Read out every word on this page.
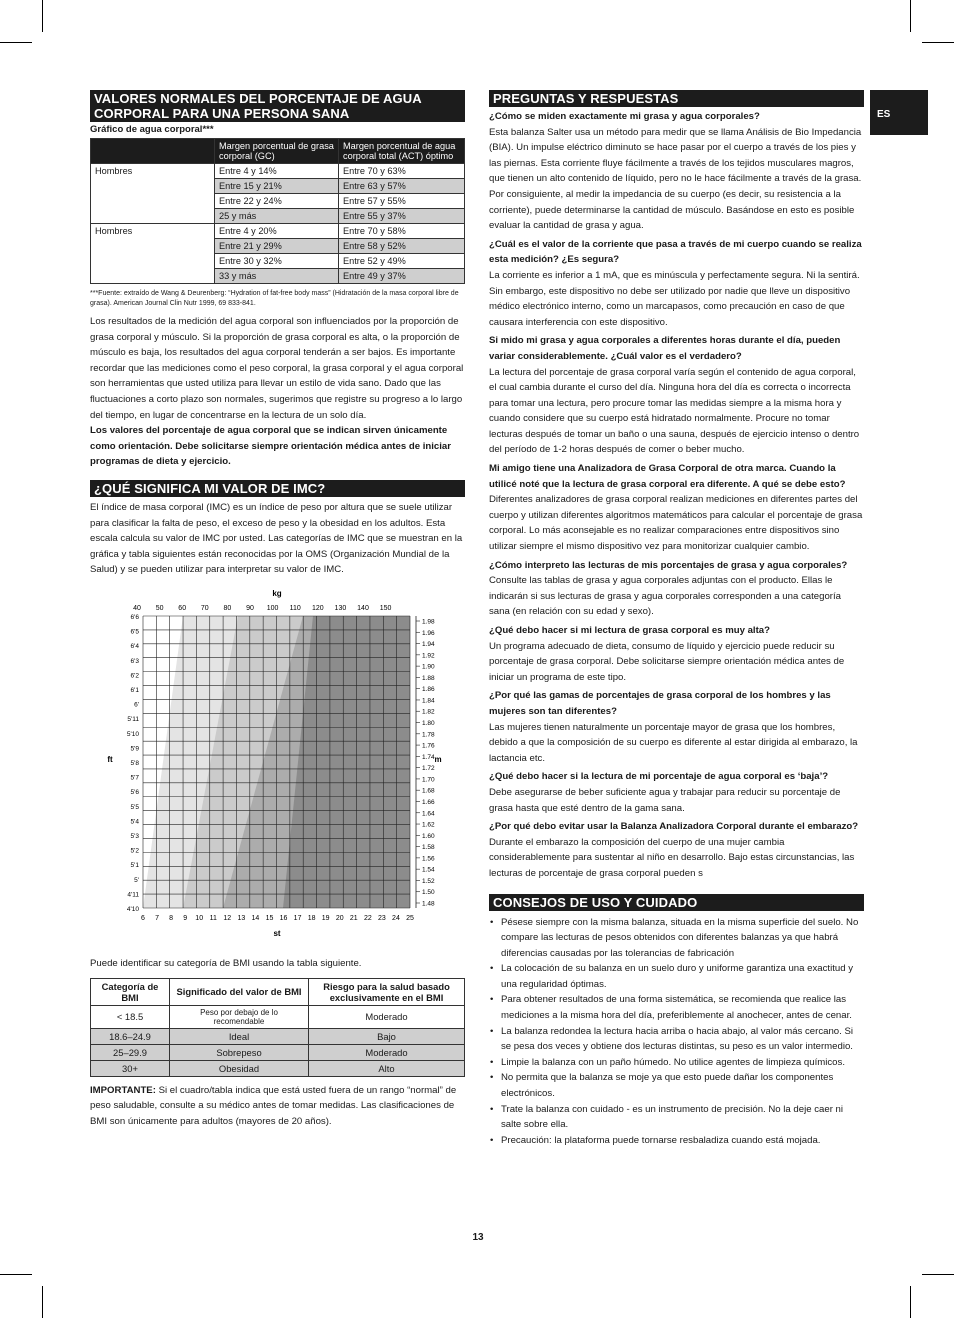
ES
VALORES NORMALES DEL PORCENTAJE DE AGUA CORPORAL PARA UNA PERSONA SANA
Gráfico de agua corporal***
	Margen porcentual de grasa corporal (GC)	Margen porcentual de agua corporal total (ACT) óptimo
Hombres	Entre 4 y 14%	Entre 70 y 63%
	Entre 15 y 21%	Entre 63 y 57%
	Entre 22 y 24%	Entre 57 y 55%
	25 y más	Entre 55 y 37%
Hombres	Entre 4 y 20%	Entre 70 y 58%
	Entre 21 y 29%	Entre 58 y 52%
	Entre 30 y 32%	Entre 52 y 49%
	33 y más	Entre 49 y 37%
***Fuente: extraído de Wang & Deurenberg: “Hydration of fat-free body mass” (Hidratación de la masa corporal libre de grasa). American Journal Clin Nutr 1999, 69 833-841.

Los resultados de la medición del agua corporal son influenciados por la proporción de grasa corporal y músculo. Si la proporción de grasa corporal es alta, o la proporción de músculo es baja, los resultados del agua corporal tenderán a ser bajos. Es importante recordar que las mediciones como el peso corporal, la grasa corporal y el agua corporal son herramientas que usted utiliza para llevar un estilo de vida sano. Dado que las fluctuaciones a corto plazo son normales, sugerimos que registre su progreso a lo largo del tiempo, en lugar de concentrarse en la lectura de un solo día.

Los valores del porcentaje de agua corporal que se indican sirven únicamente como orientación. Debe solicitarse siempre orientación médica antes de iniciar programas de dieta y ejercicio.

¿QUÉ SIGNIFICA MI VALOR DE IMC?

El índice de masa corporal (IMC) es un índice de peso por altura que se suele utilizar para clasificar la falta de peso, el exceso de peso y la obesidad en los adultos. Esta escala calcula su valor de IMC por usted. Las categorías de IMC que se muestran en la gráfica y tabla siguientes están reconocidas por la OMS (Organización Mundial de la Salud) y se pueden utilizar para interpretar su valor de IMC.

40 50 60 70 80 90 100 110 120 130 140 150
kg
6 7 8 9 10 11 12 13 14 15 16 17 18 19 20 21 22 23 24 25
st
6'6
6'5
6'4
6'3
6'2
6'1
6'
5'11
5'10
5'9
5'8
5'7
5'6
5'5
5'4
5'3
5'2
5'1
5'
4'11
4'10
ft
1.98
1.96
1.94
1.92
1.90
1.88
1.86
1.84
1.82
1.80
1.78
1.76
1.74
1.72
1.70
1.68
1.66
1.64
1.62
1.60
1.58
1.56
1.54
1.52
1.50
1.48
m

Puede identificar su categoría de BMI usando la tabla siguiente.

Categoría de BMI	Significado del valor de BMI	Riesgo para la salud basado exclusivamente en el BMI
< 18.5	Peso por debajo de lo recomendable	Moderado
18.6–24.9	Ideal	Bajo
25–29.9	Sobrepeso	Moderado
30+	Obesidad	Alto

IMPORTANTE: Si el cuadro/tabla indica que está usted fuera de un rango “normal” de peso saludable, consulte a su médico antes de tomar medidas. Las clasificaciones de BMI son únicamente para adultos (mayores de 20 años).

PREGUNTAS Y RESPUESTAS
¿Cómo se miden exactamente mi grasa y agua corporales?
Esta balanza Salter usa un método para medir que se llama Análisis de Bio Impedancia (BIA). Un impulse eléctrico diminuto se hace pasar por el cuerpo a través de los pies y las piernas. Esta corriente fluye fácilmente a través de los tejidos musculares magros, que tienen un alto contenido de líquido, pero no le hace fácilmente a través de la grasa. Por consiguiente, al medir la impedancia de su cuerpo (es decir, su resistencia a la corriente), puede determinarse la cantidad de músculo. Basándose en esto es posible evaluar la cantidad de grasa y agua.
¿Cuál es el valor de la corriente que pasa a través de mi cuerpo cuando se realiza esta medición? ¿Es segura?
La corriente es inferior a 1 mA, que es minúscula y perfectamente segura. Ni la sentirá. Sin embargo, este dispositivo no debe ser utilizado por nadie que lleve un dispositivo médico electrónico interno, como un marcapasos, como precaución en caso de que causara interferencia con este dispositivo.
Si mido mi grasa y agua corporales a diferentes horas durante el día, pueden variar considerablemente. ¿Cuál valor es el verdadero?
La lectura del porcentaje de grasa corporal varía según el contenido de agua corporal, el cual cambia durante el curso del día. Ninguna hora del día es correcta o incorrecta para tomar una lectura, pero procure tomar las medidas siempre a la misma hora y cuando considere que su cuerpo está hidratado normalmente. Procure no tomar lecturas después de tomar un baño o una sauna, después de ejercicio intenso o dentro del período de 1-2 horas después de comer o beber mucho.
Mi amigo tiene una Analizadora de Grasa Corporal de otra marca. Cuando la utilicé noté que la lectura de grasa corporal era diferente. A qué se debe esto?
Diferentes analizadores de grasa corporal realizan mediciones en diferentes partes del cuerpo y utilizan diferentes algoritmos matemáticos para calcular el porcentaje de grasa corporal. Lo más aconsejable es no realizar comparaciones entre dispositivos sino utilizar siempre el mismo dispositivo vez para monitorizar cualquier cambio.
¿Cómo interpreto las lecturas de mis porcentajes de grasa y agua corporales?
Consulte las tablas de grasa y agua corporales adjuntas con el producto. Ellas le indicarán si sus lecturas de grasa y agua corporales corresponden a una categoría sana (en relación con su edad y sexo).
¿Qué debo hacer si mi lectura de grasa corporal es muy alta?
Un programa adecuado de dieta, consumo de líquido y ejercicio puede reducir su porcentaje de grasa corporal. Debe solicitarse siempre orientación médica antes de iniciar un programa de este tipo.
¿Por qué las gamas de porcentajes de grasa corporal de los hombres y las mujeres son tan diferentes?
Las mujeres tienen naturalmente un porcentaje mayor de grasa que los hombres, debido a que la composición de su cuerpo es diferente al estar dirigida al embarazo, la lactancia etc.
¿Qué debo hacer si la lectura de mi porcentaje de agua corporal es ‘baja’?
Debe asegurarse de beber suficiente agua y trabajar para reducir su porcentaje de grasa hasta que esté dentro de la gama sana.
¿Por qué debo evitar usar la Balanza Analizadora Corporal durante el embarazo?
Durante el embarazo la composición del cuerpo de una mujer cambia considerablemente para sustentar al niño en desarrollo. Bajo estas circunstancias, las lecturas de porcentaje de grasa corporal pueden s
CONSEJOS DE USO Y CUIDADO
• Pésese siempre con la misma balanza, situada en la misma superficie del suelo. No compare las lecturas de pesos obtenidos con diferentes balanzas ya que habrá diferencias causadas por las tolerancias de fabricación
• La colocación de su balanza en un suelo duro y uniforme garantiza una exactitud y una regularidad óptimas.
• Para obtener resultados de una forma sistemática, se recomienda que realice las mediciones a la misma hora del día, preferiblemente al anochecer, antes de cenar.
• La balanza redondea la lectura hacia arriba o hacia abajo, al valor más cercano. Si se pesa dos veces y obtiene dos lecturas distintas, su peso es un valor intermedio.
• Limpie la balanza con un paño húmedo. No utilice agentes de limpieza químicos.
• No permita que la balanza se moje ya que esto puede dañar los componentes electrónicos.
• Trate la balanza con cuidado - es un instrumento de precisión. No la deje caer ni salte sobre ella.
• Precaución: la plataforma puede tornarse resbaladiza cuando está mojada.
13
